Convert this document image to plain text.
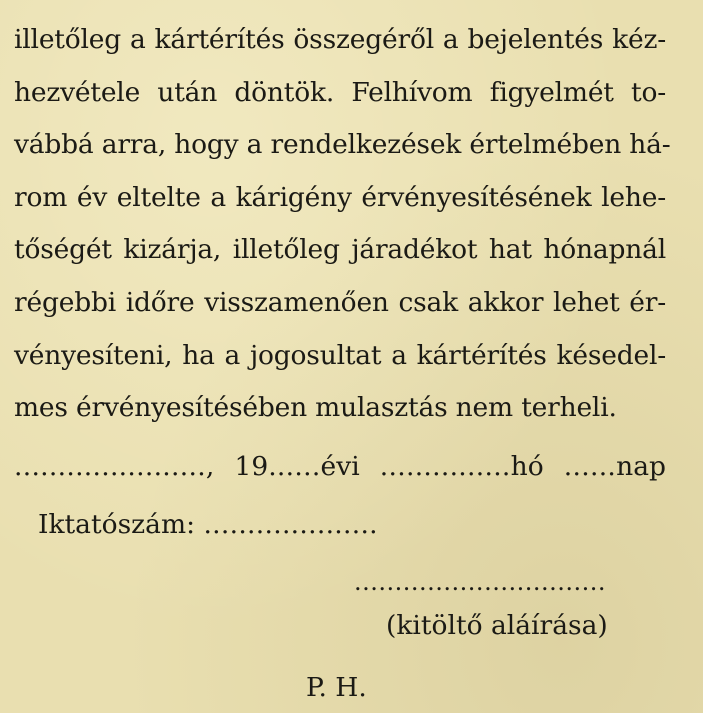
illetőleg a kártérítés összegéről a bejelentés kéz-
hezvétele után döntök. Felhívom figyelmét to-
vábbá arra, hogy a rendelkezések értelmében há-
rom év eltelte a kárigény érvényesítésének lehe-
tőségét kizárja, illetőleg járadékot hat hónapnál
régebbi időre visszamenően csak akkor lehet ér-
vényesíteni, ha a jogosultat a kártérítés késedel-
mes érvényesítésében mulasztás nem terheli.
......................, 19......évi ...............hó ......nap
Iktatószám: ....................
...............................
(kitöltő aláírása)
P. H.
